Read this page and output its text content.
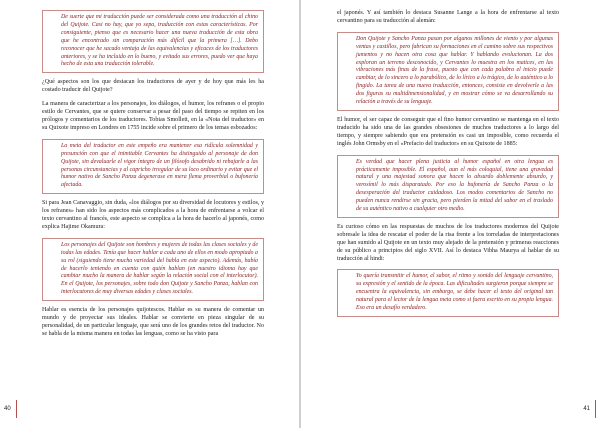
De suerte que mi traducción puede ser considerada como una traducción al chino del Quijote. Casi no hay, que yo sepa, traducción con estas características. Por consiguiente, pienso que es necesario hacer una nueva traducción de esta obra que he encontrado sin comparación más difícil que la primera […]. Debo reconocer que he sacado ventaja de las equivalencias y eficaces de los traductores anteriores, y se ha incluido en lo bueno, y evitado sus errores, puedo ver que haya hecho de esta una traducción tolerable.
¿Qué aspectos son los que destacan los traductores de ayer y de hoy que más les ha costado traducir del Quijote?
La manera de caracterizar a los personajes, los diálogos, el humor, los refranes o el propio estilo de Cervantes, que se quiere conservar a pesar del paso del tiempo se repiten en los prólogos y comentarios de los traductores. Tobias Smollett, en la «Nota del traductor» en su Quixote impreso en Londres en 1755 incide sobre el primero de los temas esbozados:
La meta del traductor en este empeño era mantener esa ridícula solemnidad y presunción con que el inimitable Cervantes ha distinguido al personaje de don Quijote, sin devaluarle el vigor íntegro de un filósofo desabrido ni rebajarle a las personas circunstancias y al capricho irregular de su loco ordinario y evitar que el humor nativo de Sancho Panza degenerase en mera flema proverbial o bufonería afectada.
Si para Jean Canavaggio, sin duda, «los diálogos por su diversidad de locutores y estilos, y los refranes» han sido los aspectos más complicados a la hora de enfrentarse a volcar el texto cervantino al francés, este aspecto se complica a la hora de hacerlo al japonés, como explica Hajime Okamura:
Los personajes del Quijote son hombres y mujeres de todas las clases sociales y de todas las edades. Tenía que hacer hablar a cada uno de ellos en modo apropiado a su rol (siguiendo tiene mucha variedad del habla en este aspecto). Además, había de hacerlo teniendo en cuenta con quién hablan (en nuestro idioma hay que cambiar mucho la manera de hablar según la relación social con el interlocutor). En el Quijote, los personajes, sobre todo don Quijote y Sancho Panza, hablan con interlocutores de muy diversas edades y clases sociales.
Hablar es esencia de los personajes quijotescos. Hablar es su manera de comentar un mundo y de proyectar sus ideales. Hablar se convierte en pieza singular de su personalidad, de un particular lenguaje, que será uno de los grandes retos del traductor. No se habla de la misma manera en todas las lenguas, como se ha visto para
40
el japonés. Y así también lo destaca Susanne Lange a la hora de enfrentarse al texto cervantino para su traducción al alemán:
Don Quijote y Sancho Panza pasan por algunos millones de viento y por algunas ventas y castillos, pero fabrican su formaciones en el camino sobre sus respectivos jumentos y no hacen otra cosa que hablar. Y hablando evolucionan. La dos exploran un terreno desconocido, y Cervantes lo muestra en los matices, en las vibraciones más finas de la frase, puesto que con cada palabra el inicio puede cambiar, de lo sincero a lo parabólico, de lo lírico a lo trágico, de lo auténtico a lo fingido. La tarea de una nueva traducción, entonces, consiste en devolverle a las dos figuras su multidimensionalidad, y en mostrar cómo se va desarrollando su relación a través de su lenguaje.
El humor, el ser capaz de conseguir que el fino humor cervantino se mantenga en el texto traducido ha sido una de las grandes obsesiones de muchos traductores a lo largo del tiempo, y siempre sabiendo que era pretensión es casi un imposible, como recuerda el inglés John Ormsby en el «Prefacio del traductor» en su Quixote de 1885:
Es verdad que hacer plena justicia al humor español en otra lengua es prácticamente imposible. El español, aun el más coloquial, tiene una gravedad natural y una majestad sonora que hacen lo absurdo doblemente absurdo, y verosímil lo más disparatado. Por eso la bufonería de Sancho Panza o la desesperación del traductor cuidadoso. Los modos comentarios de Sancho no pueden nunca rendirse sin gracia, pero pierden la mitad del sabor en el traslado de su auténtico nativo a cualquier otro medio.
Es curioso cómo en las respuestas de muchos de los traductores modernos del Quijote sobresale la idea de rescatar el poder de la risa frente a los torreladas de interpretaciones que han sumido al Quijote en un texto muy alejado de la pretensión y primeras reacciones de su público a principios del siglo XVII. Así lo destaca Vibha Maurya al hablar de su traducción al hindi:
Yo quería transmitir el humor, el sabor, el ritmo y sonido del lenguaje cervantino, su expresión y el sentido de la época. Las dificultades surgieron porque siempre se encuentra la equivalencia, sin embargo, se debe hacer el texto del original tan natural para el lector de la lengua meta como si fuera escrito en su propia lengua. Eso era un desafío verdadero.
41
